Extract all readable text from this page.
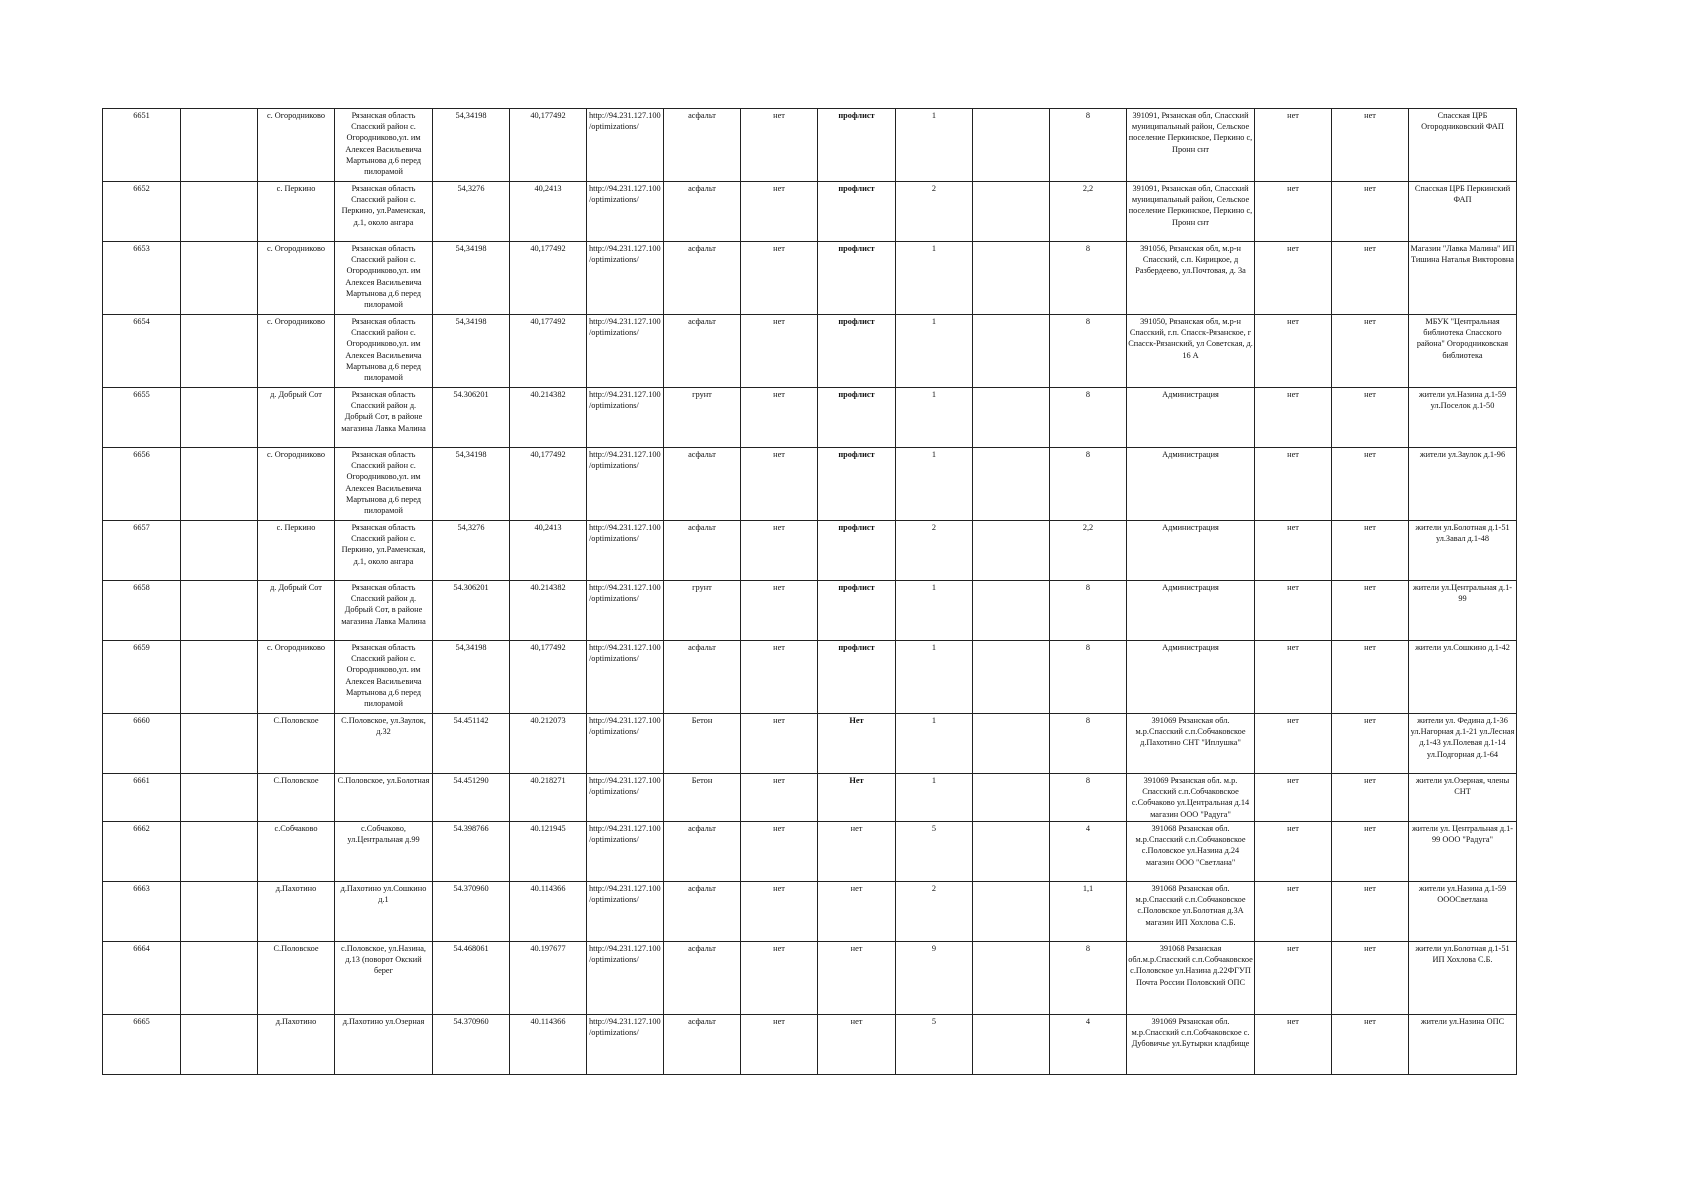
6651		с. Огородниково	Рязанская область Спасский район с. Огородниково,ул. им Алексея Васильевича Мартынова д.6 перед пилорамой	54,34198	40,177492	http://94.231.127.100/optimizations/	асфальт	нет	профлист	1		8	391091, Рязанская обл, Спасский муниципальный район, Сельское поселение Перкинское, Перкино с, Пронн снт	нет	нет	Спасская ЦРБ Огородниковский ФАП
6652		с. Перкино	Рязанская область Спасский район с. Перкино, ул.Раменская, д.1, около ангара	54,3276	40,2413	http://94.231.127.100/optimizations/	асфальт	нет	профлист	2		2,2	391091, Рязанская обл, Спасский муниципальный район, Сельское поселение Перкинское, Перкино с, Пронн снт	нет	нет	Спасская ЦРБ Перкинский ФАП
6653		с. Огородниково	Рязанская область Спасский район с. Огородниково,ул. им Алексея Васильевича Мартынова д.6 перед пилорамой	54,34198	40,177492	http://94.231.127.100/optimizations/	асфальт	нет	профлист	1		8	391056, Рязанская обл, м.р-н Спасский, с.п. Кирицкое, д Разбердеево, ул.Почтовая, д. 3а	нет	нет	Магазин "Лавка Малина" ИП Тишина Наталья Викторовна
6654		с. Огородниково	Рязанская область Спасский район с. Огородниково,ул. им Алексея Васильевича Мартынова д.6 перед пилорамой	54,34198	40,177492	http://94.231.127.100/optimizations/	асфальт	нет	профлист	1		8	391050, Рязанская обл, м.р-н Спасский, г.п. Спасск-Рязанское, г Спасск-Рязанский, ул Советская, д. 16 А	нет	нет	МБУК "Центральная библиотека Спасского района" Огородниковская библиотека
6655		д. Добрый Сот	Рязанская область Спасский район д. Добрый Сот, в районе магазина Лавка Малина	54.306201	40.214382	http://94.231.127.100/optimizations/	грунт	нет	профлист	1		8	Администрация	нет	нет	жители ул.Назина д.1-59 ул.Поселок д.1-50
6656		с. Огородниково	Рязанская область Спасский район с. Огородниково,ул. им Алексея Васильевича Мартынова д.6 перед пилорамой	54,34198	40,177492	http://94.231.127.100/optimizations/	асфальт	нет	профлист	1		8	Администрация	нет	нет	жители ул.Заулок д.1-96
6657		с. Перкино	Рязанская область Спасский район с. Перкино, ул.Раменская, д.1, около ангара	54,3276	40,2413	http://94.231.127.100/optimizations/	асфальт	нет	профлист	2		2,2	Администрация	нет	нет	жители ул.Болотная д.1-51 ул.Завал д.1-48
6658		д. Добрый Сот	Рязанская область Спасский район д. Добрый Сот, в районе магазина Лавка Малина	54.306201	40.214382	http://94.231.127.100/optimizations/	грунт	нет	профлист	1		8	Администрация	нет	нет	жители ул.Центральная д.1-99
6659		с. Огородниково	Рязанская область Спасский район с. Огородниково,ул. им Алексея Васильевича Мартынова д.6 перед пилорамой	54,34198	40,177492	http://94.231.127.100/optimizations/	асфальт	нет	профлист	1		8	Администрация	нет	нет	жители ул.Сошкино д.1-42
6660		С.Половское	С.Половское, ул.Заулок, д.32	54.451142	40.212073	http://94.231.127.100/optimizations/	Бетон	нет	Нет	1		8	391069 Рязанская обл. м.р.Спасский с.п.Собчаковское д.Пахотино СНТ "Иплушка"	нет	нет	жители ул. Федина д.1-36 ул.Нагорная д.1-21 ул.Лесная д.1-43 ул.Полевая д.1-14 ул.Подгорная д.1-64
6661		С.Половское	С.Половское, ул.Болотная	54.451290	40.218271	http://94.231.127.100/optimizations/	Бетон	нет	Нет	1		8	391069 Рязанская обл. м.р. Спасский с.п.Собчаковское с.Собчаково ул.Центральная д.14 магазин ООО "Радуга"	нет	нет	жители ул.Озерная, члены СНТ
6662		с.Собчаково	с.Собчаково, ул.Центральная д.99	54.398766	40.121945	http://94.231.127.100/optimizations/	асфальт	нет	нет	5		4	391068 Рязанская обл. м.р.Спасский с.п.Собчаковское с.Половское ул.Назина д.24 магазин ООО "Светлана"	нет	нет	жители ул. Центральная д.1-99 ООО "Радуга"
6663		д.Пахотино	д.Пахотино ул.Сошкино д.1	54.370960	40.114366	http://94.231.127.100/optimizations/	асфальт	нет	нет	2		1,1	391068 Рязанская обл. м.р.Спасский с.п.Собчаковское с.Половское ул.Болотная д.3А магазин ИП Хохлова С.Б.	нет	нет	жители ул.Назина д.1-59 ОООСветлана
6664		С.Половское	с.Половское, ул.Назина, д.13 (поворот Окский берег	54.468061	40.197677	http://94.231.127.100/optimizations/	асфальт	нет	нет	9		8	391068 Рязанская обл.м.р.Спасский с.п.Собчаковское с.Половское ул.Назина д.22ФГУП Почта России Половский ОПС	нет	нет	жители ул.Болотная д.1-51 ИП Хохлова С.Б.
6665		д.Пахотино	д.Пахотино ул.Озерная	54.370960	40.114366	http://94.231.127.100/optimizations/	асфальт	нет	нет	5		4	391069 Рязанская обл. м.р.Спасский с.п.Собчаковское с. Дубовичье ул.Бутырки кладбище	нет	нет	жители ул.Назина ОПС
